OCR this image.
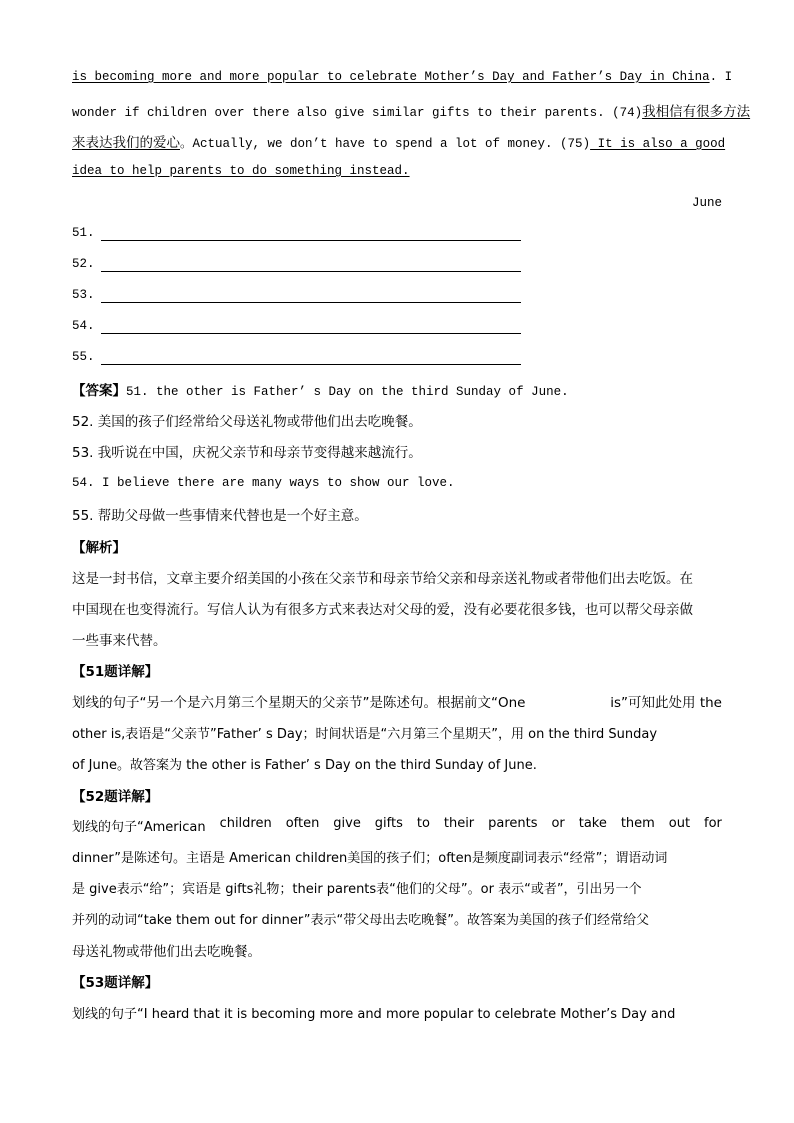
is becoming more and more popular to celebrate Mother’s Day and Father’s Day in China. I
wonder if children over there also give similar gifts to their parents. (74)我相信有很多方法
来表达我们的爱心。Actually, we don’t have to spend a lot of money. (75) It is also a good
idea to help parents to do something instead.
June
51.
52.
53.
54.
55.
【答案】51. the other is Father’ s Day on the third Sunday of June.
52. 美国的孩子们经常给父母送礼物或带他们出去吃晚餐。
53. 我听说在中国，庆祝父亲节和母亲节变得越来越流行。
54. I believe there are many ways to show our love.
55. 帮助父母做一些事情来代替也是一个好主意。
【解析】
这是一封书信，文章主要介绍美国的小孩在父亲节和母亲节给父亲和母亲送礼物或者带他们出去吃饭。在
中国现在也变得流行。写信人认为有很多方式来表达对父母的爱，没有必要花很多钱，也可以帮父母亲做
一些事来代替。
【51题详解】
划线的句子“另一个是六月第三个星期天的父亲节”是陈述句。根据前文“One	is”可知此处用 the
other is,表语是“父亲节”Father’ s Day；时间状语是“六月第三个星期天”，用 on the third Sunday
of June。故答案为 the other is Father’ s Day on the third Sunday of June.
【52题详解】
划线的句子“American children often give gifts to their parents or take them out for
dinner”是陈述句。主语是 American children美国的孩子们；often是频度副词表示“经常”；谓语动词
是 give表示“给”；宾语是 gifts礼物；their parents表“他们的父母”。or 表示“或者”，引出另一个
并列的动词“take them out for dinner”表示“带父母出去吃晚餐”。故答案为美国的孩子们经常给父
母送礼物或带他们出去吃晚餐。
【53题详解】
划线的句子“I heard that it is becoming more and more popular to celebrate Mother’s Day and
